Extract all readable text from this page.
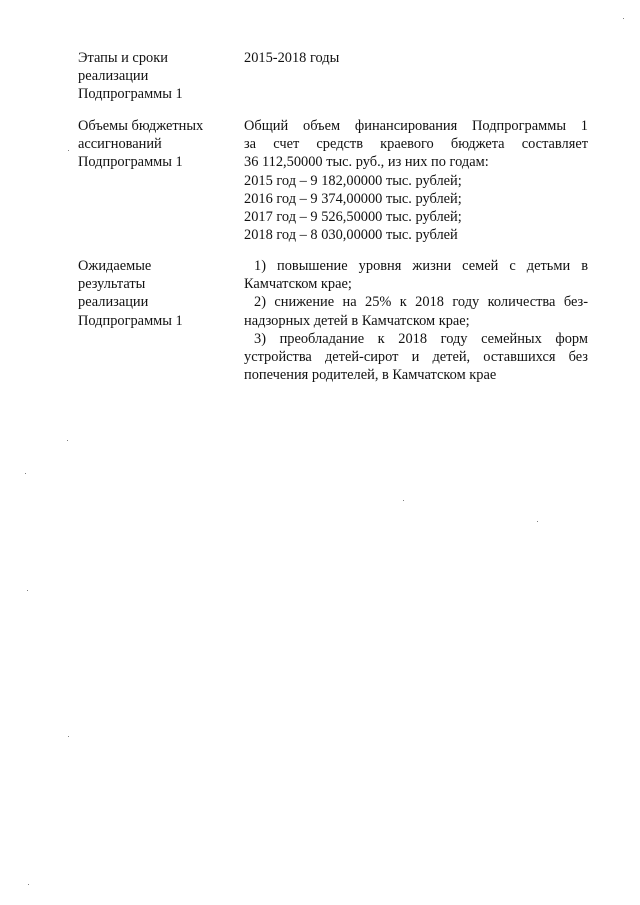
Этапы и сроки
реализации
Подпрограммы 1
2015-2018 годы
Объемы бюджетных
ассигнований
Подпрограммы 1
Общий объем финансирования Подпрограммы 1
за счет средств краевого бюджета составляет
36 112,50000 тыс. руб., из них по годам:
2015 год – 9 182,00000 тыс. рублей;
2016 год – 9 374,00000 тыс. рублей;
2017 год – 9 526,50000 тыс. рублей;
2018 год – 8 030,00000 тыс. рублей
Ожидаемые
результаты
реализации
Подпрограммы 1
1) повышение уровня жизни семей с детьми в
Камчатском крае;
2) снижение на 25% к 2018 году количества без-
надзорных детей в Камчатском крае;
3) преобладание к 2018 году семейных форм
устройства детей-сирот и детей, оставшихся без
попечения родителей, в Камчатском крае
